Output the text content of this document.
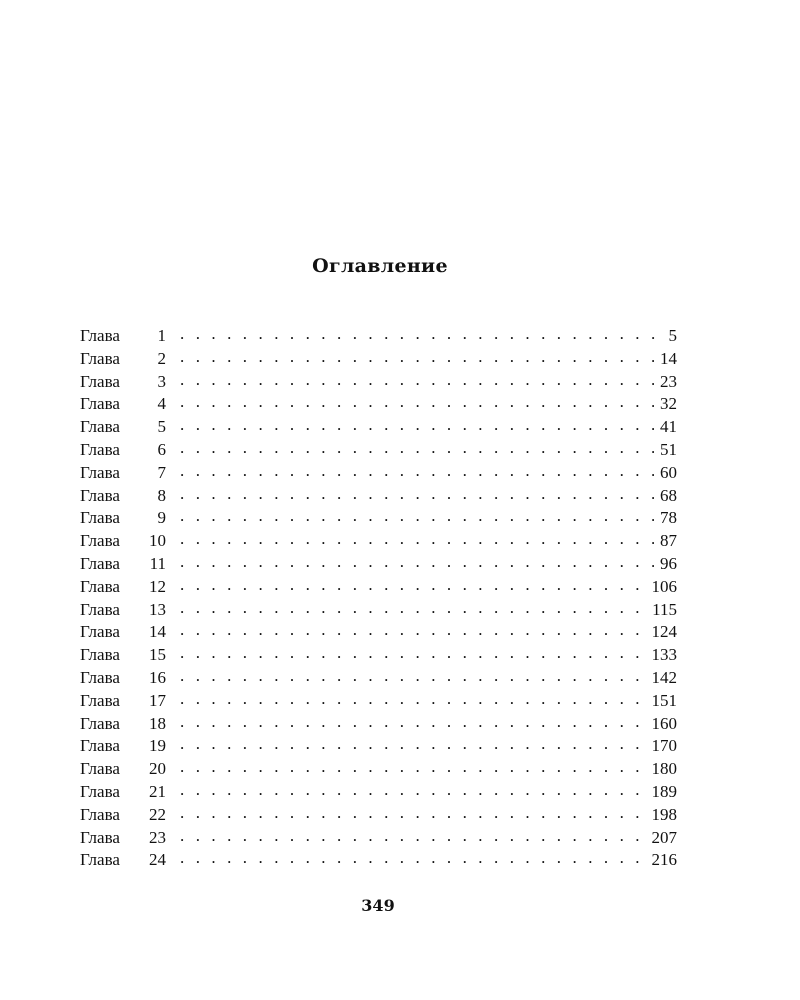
Оглавление
Глава 1 . . .	5
Глава 2 . . .	14
Глава 3 . . .	23
Глава 4 . . .	32
Глава 5 . . .	41
Глава 6 . . .	51
Глава 7 . . .	60
Глава 8 . . .	68
Глава 9 . . .	78
Глава 10 . . .	87
Глава 11 . . .	96
Глава 12 . . .	106
Глава 13 . . .	115
Глава 14 . . .	124
Глава 15 . . .	133
Глава 16 . . .	142
Глава 17 . . .	151
Глава 18 . . .	160
Глава 19 . . .	170
Глава 20 . . .	180
Глава 21 . . .	189
Глава 22 . . .	198
Глава 23 . . .	207
Глава 24 . . .	216
349
